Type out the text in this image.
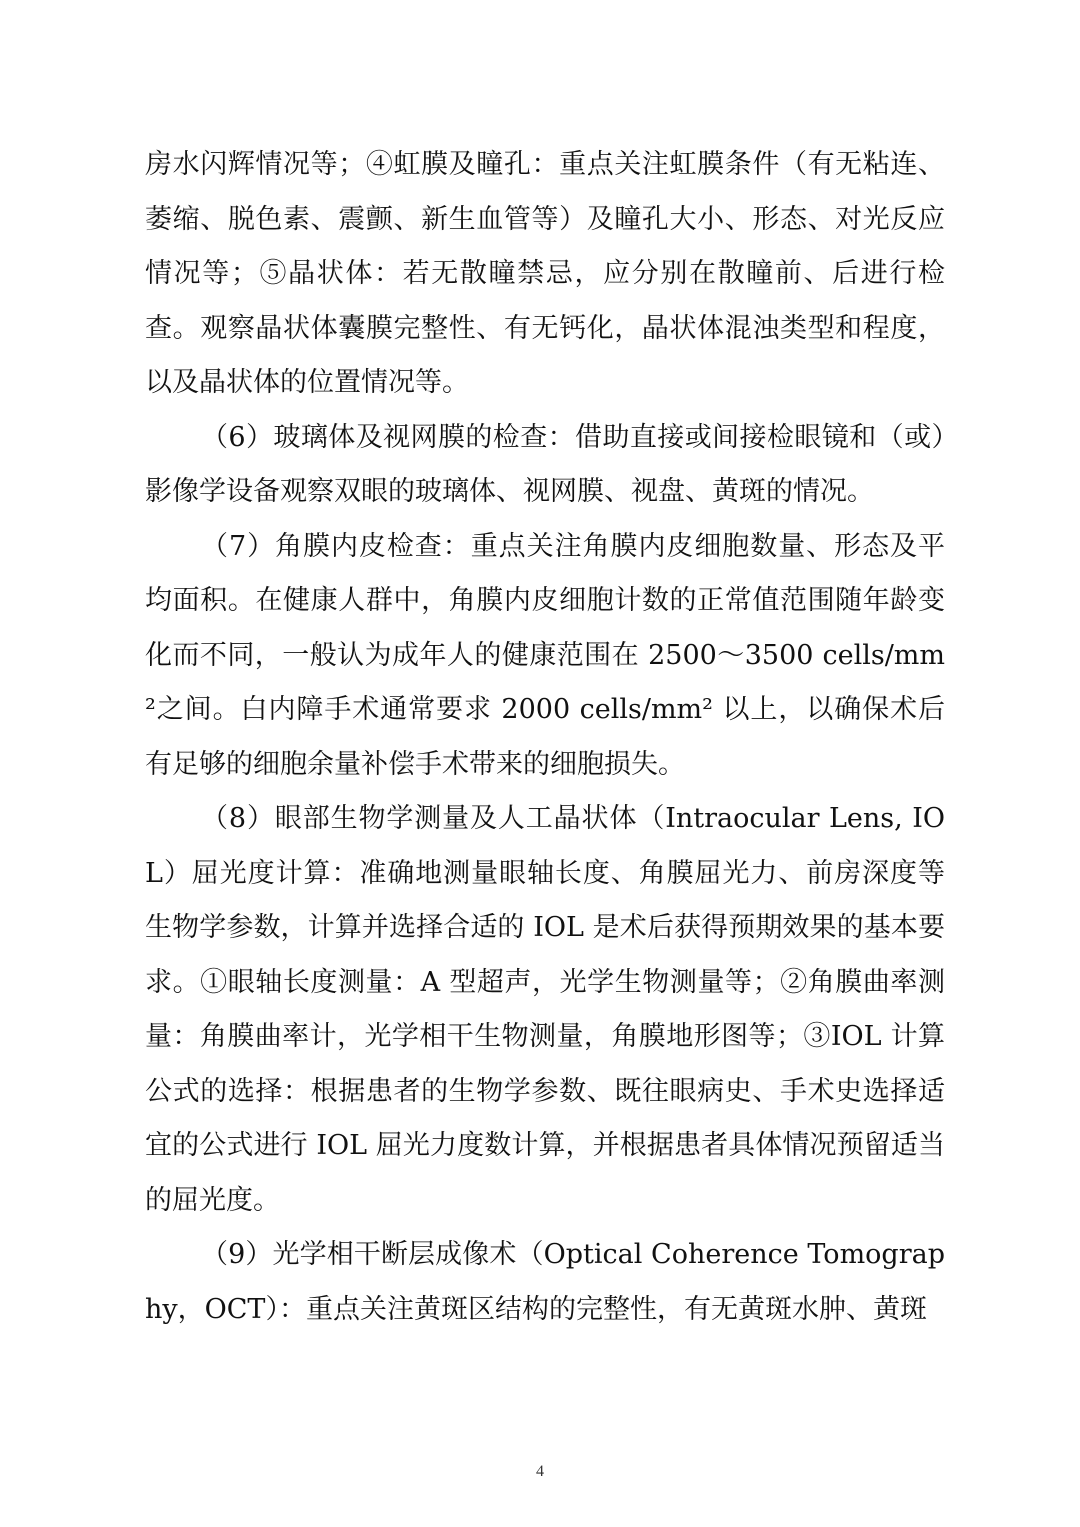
房水闪辉情况等；④虹膜及瞳孔：重点关注虹膜条件（有无粘连、萎缩、脱色素、震颤、新生血管等）及瞳孔大小、形态、对光反应情况等；⑤晶状体：若无散瞳禁忌，应分别在散瞳前、后进行检查。观察晶状体囊膜完整性、有无钙化，晶状体混浊类型和程度，以及晶状体的位置情况等。

（6）玻璃体及视网膜的检查：借助直接或间接检眼镜和（或）影像学设备观察双眼的玻璃体、视网膜、视盘、黄斑的情况。

（7）角膜内皮检查：重点关注角膜内皮细胞数量、形态及平均面积。在健康人群中，角膜内皮细胞计数的正常值范围随年龄变化而不同，一般认为成年人的健康范围在 2500～3500 cells/mm²之间。白内障手术通常要求 2000 cells/mm² 以上，以确保术后有足够的细胞余量补偿手术带来的细胞损失。

（8）眼部生物学测量及人工晶状体（Intraocular Lens, IOL）屈光度计算：准确地测量眼轴长度、角膜屈光力、前房深度等生物学参数，计算并选择合适的 IOL 是术后获得预期效果的基本要求。①眼轴长度测量：A 型超声，光学生物测量等；②角膜曲率测量：角膜曲率计，光学相干生物测量，角膜地形图等；③IOL 计算公式的选择：根据患者的生物学参数、既往眼病史、手术史选择适宜的公式进行 IOL 屈光力度数计算，并根据患者具体情况预留适当的屈光度。

（9）光学相干断层成像术（Optical Coherence Tomography，OCT）：重点关注黄斑区结构的完整性，有无黄斑水肿、黄斑

4
